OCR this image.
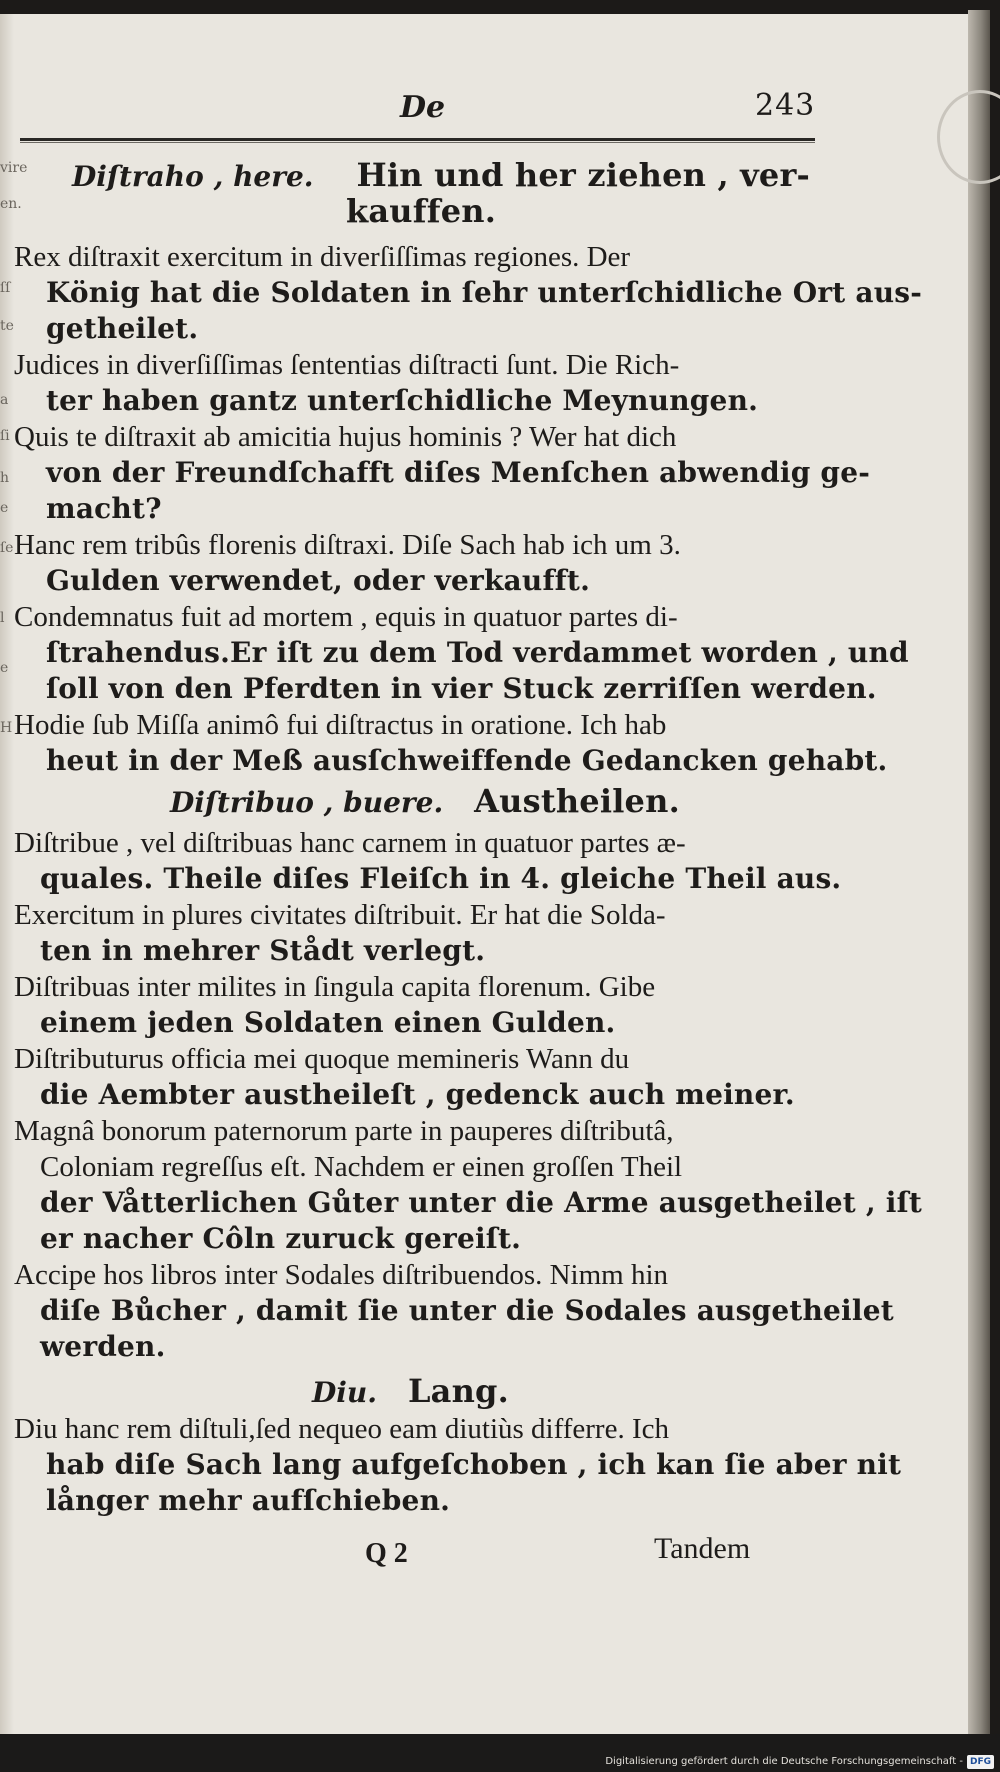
vire
en.
ſſ
te
a
ſi
h
e
ſe
l
e
H
De	243
Diſtraho , here. Hin und her ziehen , ver-
kauffen.
Rex diſtraxit exercitum in diverſiſſimas regiones. Der
König hat die Soldaten in ſehr unterſchidliche Ort aus-
getheilet.
Judices in diverſiſſimas ſententias diſtracti ſunt. Die Rich-
ter haben gantz unterſchidliche Meynungen.
Quis te diſtraxit ab amicitia hujus hominis ? Wer hat dich
von der Freundſchafft diſes Menſchen abwendig ge-
macht?
Hanc rem tribûs florenis diſtraxi. Diſe Sach hab ich um 3.
Gulden verwendet, oder verkaufft.
Condemnatus fuit ad mortem , equis in quatuor partes di-
ſtrahendus.Er iſt zu dem Tod verdammet worden , und
ſoll von den Pferdten in vier Stuck zerriſſen werden.
Hodie ſub Miſſa animô fui diſtractus in oratione. Ich hab
heut in der Meß ausſchweiffende Gedancken gehabt.
Diſtribuo , buere. Austheilen.
Diſtribue , vel diſtribuas hanc carnem in quatuor partes æ-
quales. Theile diſes Fleiſch in 4. gleiche Theil aus.
Exercitum in plures civitates diſtribuit. Er hat die Solda-
ten in mehrer Stådt verlegt.
Diſtribuas inter milites in ſingula capita florenum. Gibe
einem jeden Soldaten einen Gulden.
Diſtributurus officia mei quoque memineris Wann du
die Aembter austheileſt , gedenck auch meiner.
Magnâ bonorum paternorum parte in pauperes diſtributâ,
Coloniam regreſſus eſt. Nachdem er einen groſſen Theil
der Våtterlichen Gůter unter die Arme ausgetheilet , iſt
er nacher Côln zuruck gereiſt.
Accipe hos libros inter Sodales diſtribuendos. Nimm hin
diſe Bůcher , damit ſie unter die Sodales ausgetheilet
werden.
Diu. Lang.
Diu hanc rem diſtuli,ſed nequeo eam diutiùs differre. Ich
hab diſe Sach lang aufgeſchoben , ich kan ſie aber nit
långer mehr aufſchieben.
Q 2	Tandem
Digitalisierung gefördert durch die Deutsche Forschungsgemeinschaft - DFG
